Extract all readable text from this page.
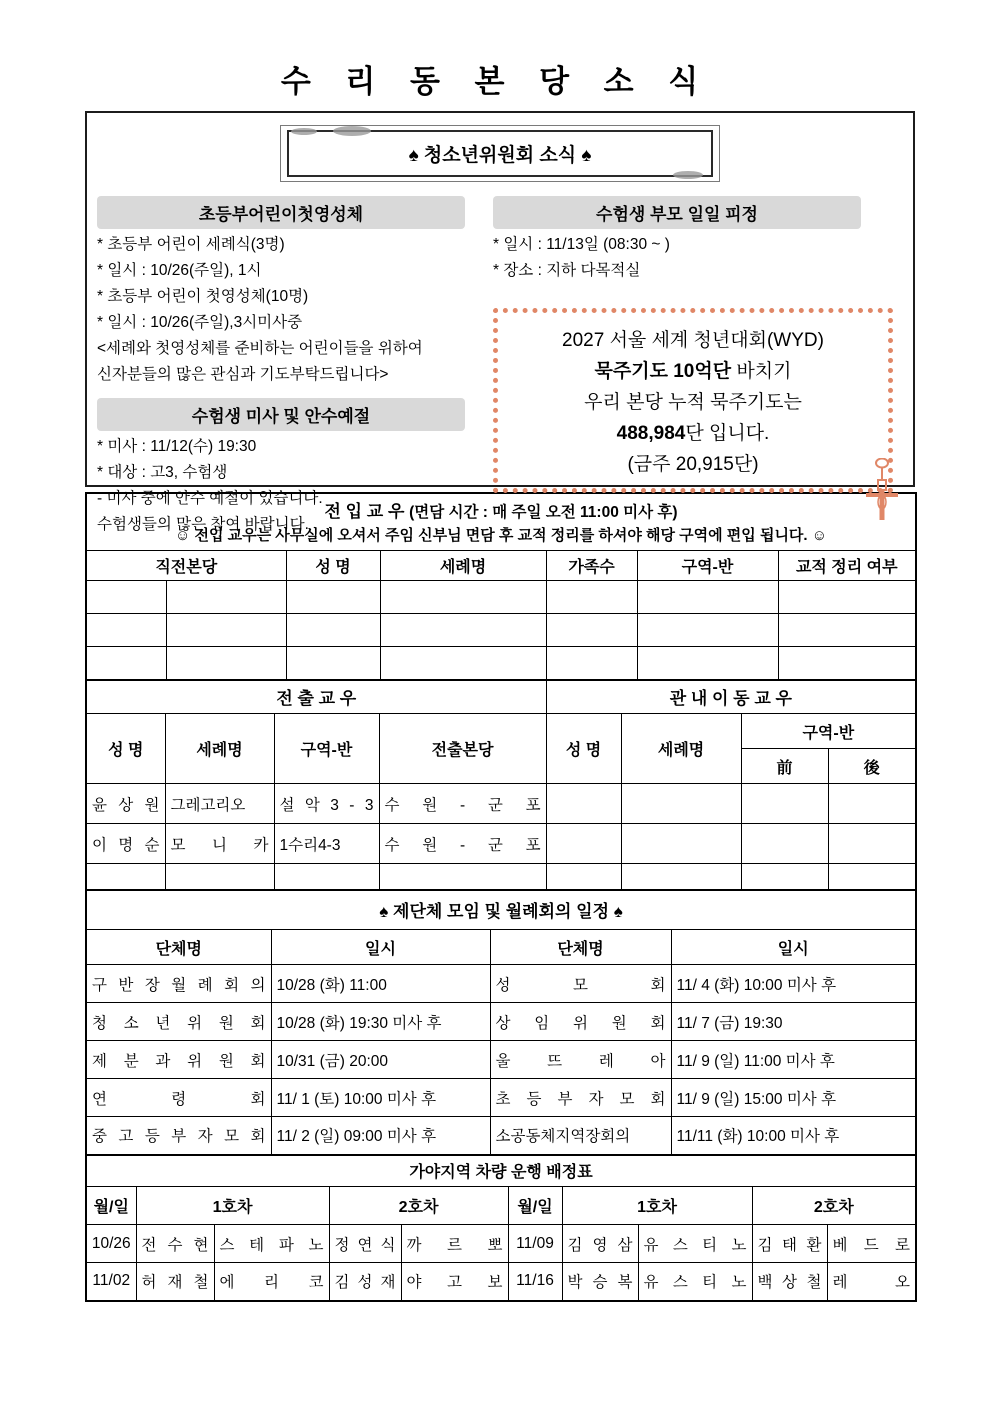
수 리 동 본 당 소 식
♠ 청소년위원회 소식 ♠
초등부어린이첫영성체
* 초등부 어린이 세례식(3명)
* 일시 : 10/26(주일), 1시
* 초등부 어린이 첫영성체(10명)
* 일시 : 10/26(주일),3시미사중
<세례와 첫영성체를 준비하는 어린이들을 위하여
신자분들의 많은 관심과 기도부탁드립니다>
수험생 미사 및 안수예절
* 미사 : 11/12(수) 19:30
* 대상 : 고3, 수험생
- 미사 중에 안수 예절이 있습니다.
수험생들의 많은 참여 바랍니다.
수험생 부모 일일 피정
* 일시 : 11/13일 (08:30 ~ )
* 장소 : 지하 다목적실
2027 서울 세계 청년대회(WYD)
묵주기도 10억단 바치기
우리 본당 누적 묵주기도는
488,984단 입니다.
(금주 20,915단)
전 입 교 우 (면담 시간 : 매 주일 오전 11:00 미사 후)
☺ 전입 교우는 사무실에 오셔서 주임 신부님 면담 후 교적 정리를 하셔야 해당 구역에 편입 됩니다. ☺						

직전본당		성 명	세례명	가족수	구역-반	교적 정리 여부

전 출 교 우				관 내 이 동 교 우			
성 명	세례명	구역-반	전출본당	성 명	세례명	구역-반	
						前	後
윤 상 원	그레고리오	설 악 3 - 3	수 원 - 군 포				
이 명 순	모 니 카	1수리4-3	수 원 - 군 포				

♠ 제단체 모임 및 월례회의 일정 ♠			
단체명	일시	단체명	일시
구 반 장 월 례 회 의	10/28 (화) 11:00	성 모 회	11/ 4 (화) 10:00 미사 후
청 소 년 위 원 회	10/28 (화) 19:30 미사 후	상 임 위 원 회	11/ 7 (금) 19:30
제 분 과 위 원 회	10/31 (금) 20:00	울 뜨 레 아	11/ 9 (일) 11:00 미사 후
연 령 회	11/ 1 (토) 10:00 미사 후	초 등 부 자 모 회	11/ 9 (일) 15:00 미사 후
중 고 등 부 자 모 회	11/ 2 (일) 09:00 미사 후	소공동체지역장회의	11/11 (화) 10:00 미사 후
가야지역 차량 운행 배정표									
월/일	1호차		2호차		월/일	1호차		2호차	
10/26	전 수 현	스 테 파 노	정 연 식	까 르 뽀	11/09	김 영 삼	유 스 티 노	김 태 환	베 드 로
11/02	허 재 철	에 리 코	김 성 재	야 고 보	11/16	박 승 복	유 스 티 노	백 상 철	레 오
